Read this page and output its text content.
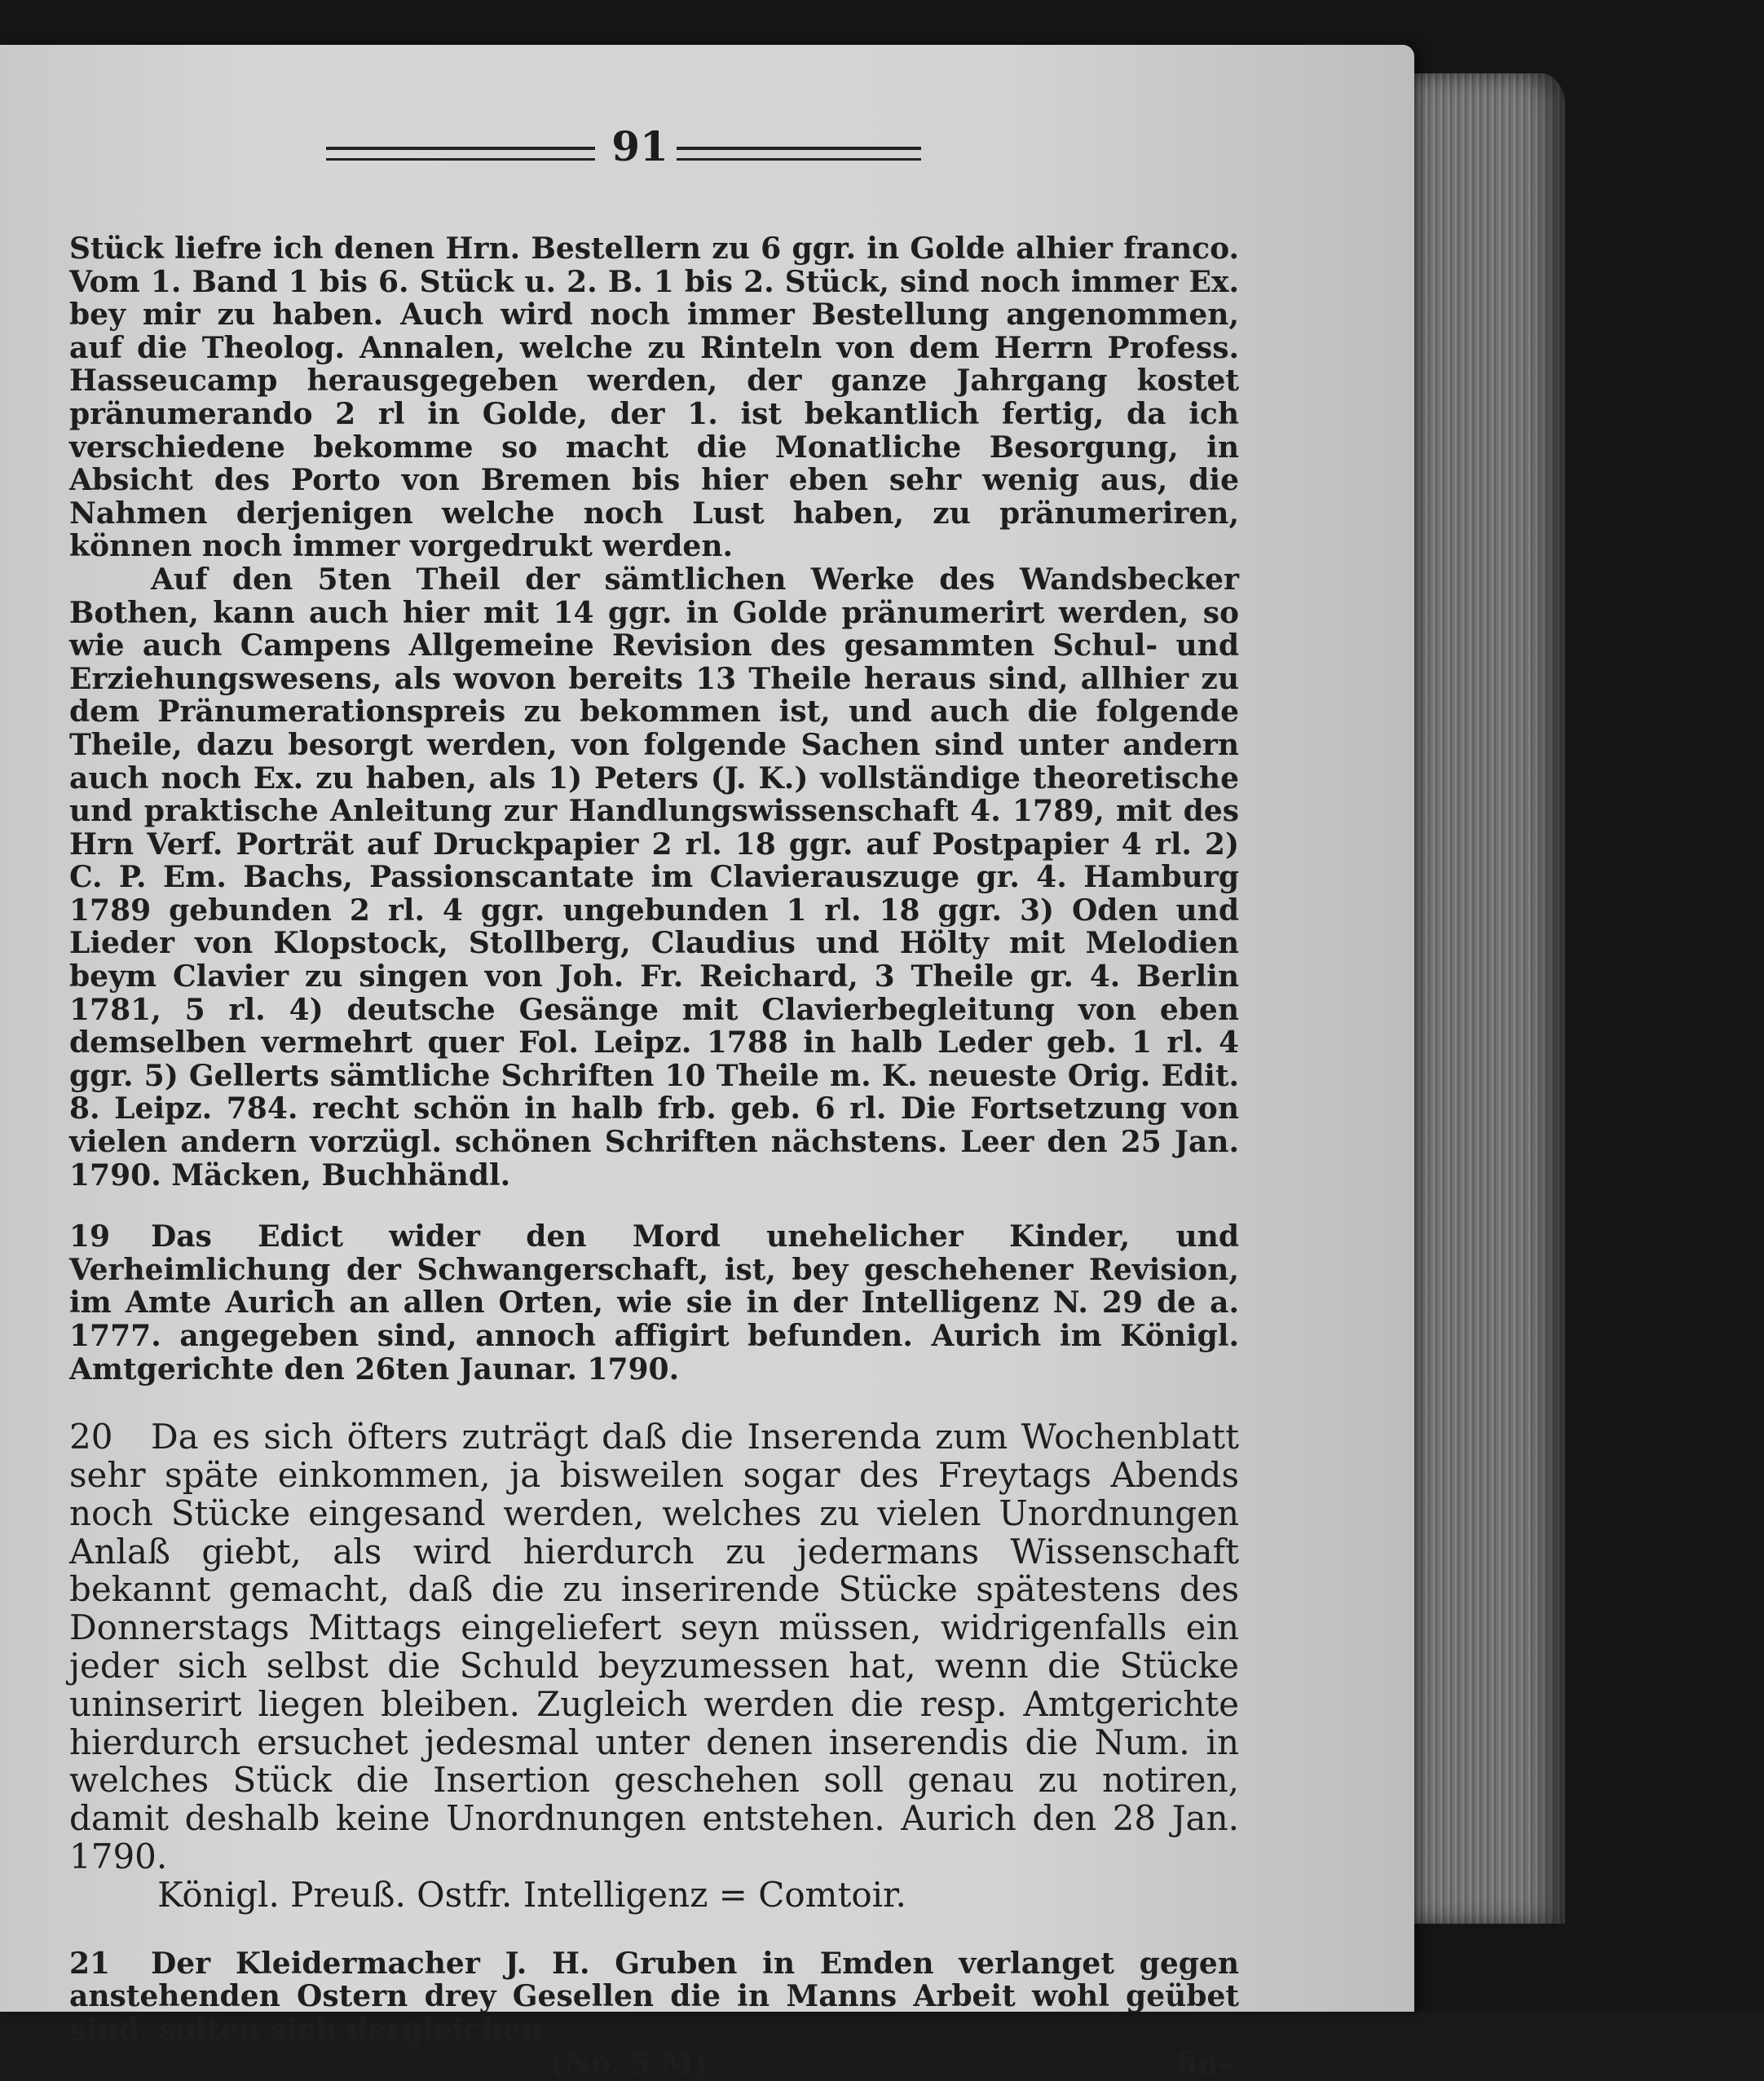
91

Stück liefre ich denen Hrn. Bestellern zu 6 ggr. in Golde alhier franco. Vom 1. Band 1 bis 6. Stück u. 2. B. 1 bis 2. Stück, sind noch immer Ex. bey mir zu haben. Auch wird noch immer Bestellung angenommen, auf die Theolog. Annalen, welche zu Rinteln von dem Herrn Profess. Hasseucamp herausgegeben werden, der ganze Jahrgang kostet pränumerando 2 rl in Golde, der 1. ist bekantlich fertig, da ich verschiedene bekomme so macht die Monatliche Besorgung, in Absicht des Porto von Bremen bis hier eben sehr wenig aus, die Nahmen derjenigen welche noch Lust haben, zu pränumeriren, können noch immer vorgedrukt werden.

Auf den 5ten Theil der sämtlichen Werke des Wandsbecker Bothen, kann auch hier mit 14 ggr. in Golde pränumerirt werden, so wie auch Campens Allgemeine Revision des gesammten Schul- und Erziehungswesens, als wovon bereits 13 Theile heraus sind, allhier zu dem Pränumerationspreis zu bekommen ist, und auch die folgende Theile, dazu besorgt werden, von folgende Sachen sind unter andern auch noch Ex. zu haben, als 1) Peters (J. K.) vollständige theoretische und praktische Anleitung zur Handlungswissenschaft 4. 1789, mit des Hrn Verf. Porträt auf Druckpapier 2 rl. 18 ggr. auf Postpapier 4 rl. 2) C. P. Em. Bachs, Passionscantate im Clavierauszuge gr. 4. Hamburg 1789 gebunden 2 rl. 4 ggr. ungebunden 1 rl. 18 ggr. 3) Oden und Lieder von Klopstock, Stollberg, Claudius und Hölty mit Melodien beym Clavier zu singen von Joh. Fr. Reichard, 3 Theile gr. 4. Berlin 1781, 5 rl. 4) deutsche Gesänge mit Clavierbegleitung von eben demselben vermehrt quer Fol. Leipz. 1788 in halb Leder geb. 1 rl. 4 ggr. 5) Gellerts sämtliche Schriften 10 Theile m. K. neueste Orig. Edit. 8. Leipz. 784. recht schön in halb frb. geb. 6 rl. Die Fortsetzung von vielen andern vorzügl. schönen Schriften nächstens. Leer den 25 Jan. 1790. Mäcken, Buchhändl.

19 Das Edict wider den Mord unehelicher Kinder, und Verheimlichung der Schwangerschaft, ist, bey geschehener Revision, im Amte Aurich an allen Orten, wie sie in der Intelligenz N. 29 de a. 1777. angegeben sind, annoch affigirt befunden. Aurich im Königl. Amtgerichte den 26ten Jaunar. 1790.

20 Da es sich öfters zuträgt daß die Inserenda zum Wochenblatt sehr späte einkommen, ja bisweilen sogar des Freytags Abends noch Stücke eingesand werden, welches zu vielen Unordnungen Anlaß giebt, als wird hierdurch zu jedermans Wissenschaft bekannt gemacht, daß die zu inserirende Stücke spätestens des Donnerstags Mittags eingeliefert seyn müssen, widrigenfalls ein jeder sich selbst die Schuld beyzumessen hat, wenn die Stücke uninserirt liegen bleiben. Zugleich werden die resp. Amtgerichte hierdurch ersuchet jedesmal unter denen inserendis die Num. in welches Stück die Insertion geschehen soll genau zu notiren, damit deshalb keine Unordnungen entstehen. Aurich den 28 Jan. 1790.

Königl. Preuß. Ostfr. Intelligenz = Comtoir.

21 Der Kleidermacher J. H. Gruben in Emden verlanget gegen anstehenden Ostern drey Gesellen die in Manns Arbeit wohl geübet sind, solten sich dergleichen

(No. 5 M)	fin-
